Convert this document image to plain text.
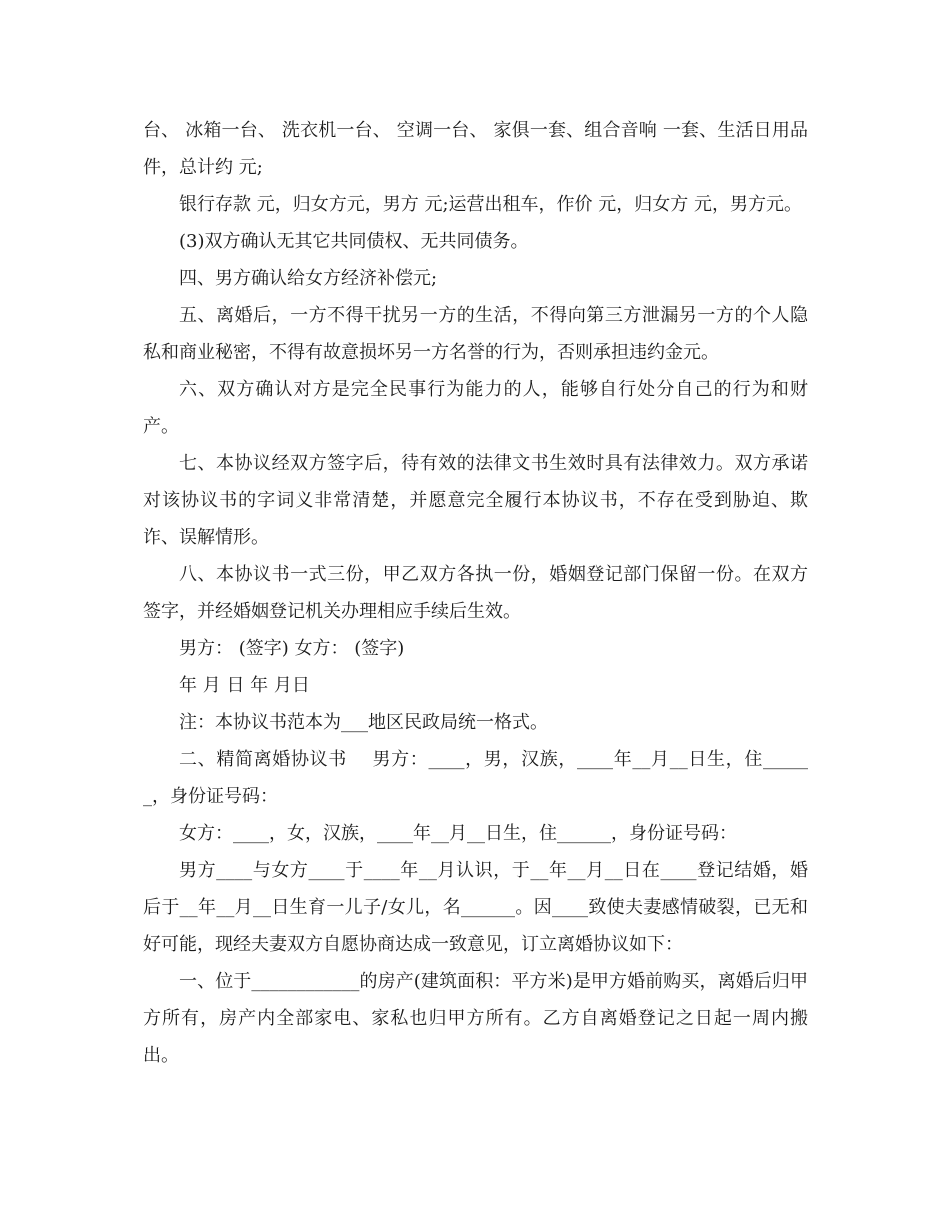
台、 冰箱一台、 洗衣机一台、 空调一台、 家俱一套、组合音响 一套、生活日用品 件，总计约 元;

银行存款 元，归女方元，男方 元;运营出租车，作价 元，归女方 元，男方元。

(3)双方确认无其它共同债权、无共同债务。

四、男方确认给女方经济补偿元;

五、离婚后，一方不得干扰另一方的生活，不得向第三方泄漏另一方的个人隐私和商业秘密，不得有故意损坏另一方名誉的行为，否则承担违约金元。

六、双方确认对方是完全民事行为能力的人，能够自行处分自己的行为和财产。

七、本协议经双方签字后，待有效的法律文书生效时具有法律效力。双方承诺对该协议书的字词义非常清楚，并愿意完全履行本协议书，不存在受到胁迫、欺诈、误解情形。

八、本协议书一式三份，甲乙双方各执一份，婚姻登记部门保留一份。在双方签字，并经婚姻登记机关办理相应手续后生效。

男方： (签字) 女方： (签字)

年 月 日 年 月日

注：本协议书范本为___地区民政局统一格式。

二、精简离婚协议书    男方：____，男，汉族，____年__月__日生，住______，身份证号码：

女方：____，女，汉族，____年__月__日生，住______，身份证号码：

男方____与女方____于____年__月认识，于__年__月__日在____登记结婚，婚后于__年__月__日生育一儿子/女儿，名______。因____致使夫妻感情破裂，已无和好可能，现经夫妻双方自愿协商达成一致意见，订立离婚协议如下：

一、位于____________的房产(建筑面积：平方米)是甲方婚前购买，离婚后归甲方所有，房产内全部家电、家私也归甲方所有。乙方自离婚登记之日起一周内搬出。
